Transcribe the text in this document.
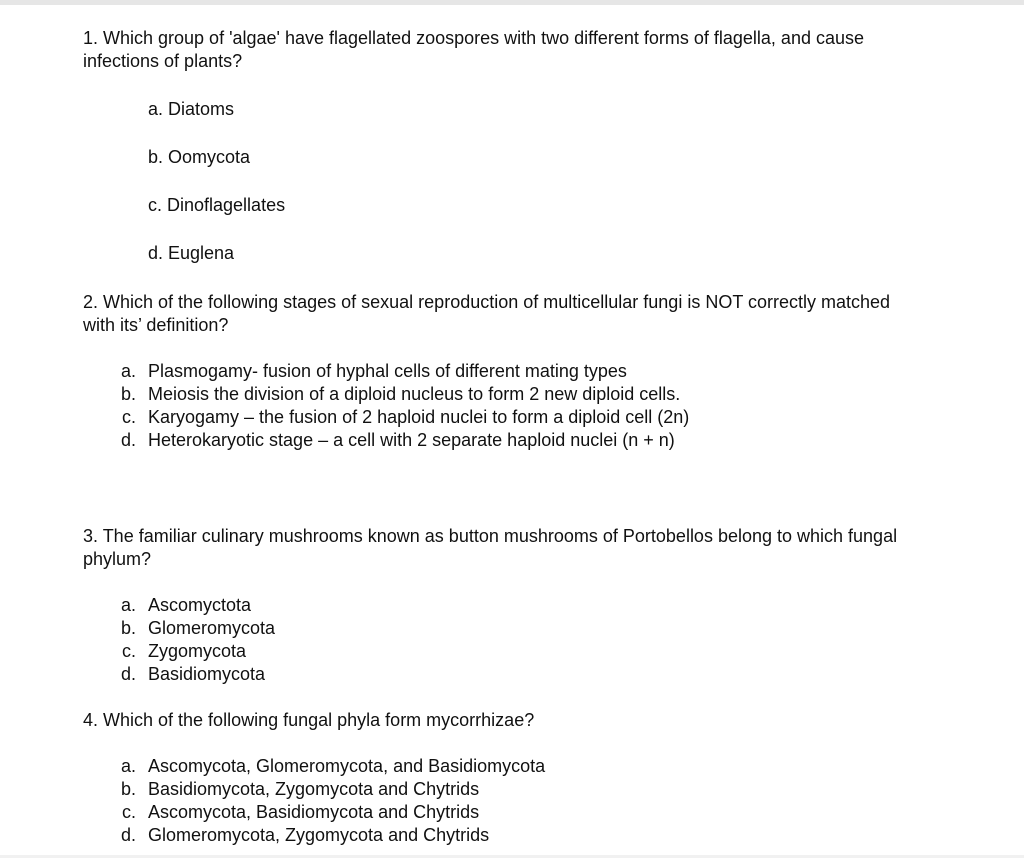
1. Which group of 'algae' have flagellated zoospores with two different forms of flagella, and cause infections of plants?

a. Diatoms
b. Oomycota
c. Dinoflagellates
d. Euglena

2. Which of the following stages of sexual reproduction of multicellular fungi is NOT correctly matched with its’ definition?

a. Plasmogamy- fusion of hyphal cells of different mating types
b. Meiosis the division of a diploid nucleus to form 2 new diploid cells.
c. Karyogamy – the fusion of 2 haploid nuclei to form a diploid cell (2n)
d. Heterokaryotic stage – a cell with 2 separate haploid nuclei (n + n)

3. The familiar culinary mushrooms known as button mushrooms of Portobellos belong to which fungal phylum?

a. Ascomyctota
b. Glomeromycota
c. Zygomycota
d. Basidiomycota

4. Which of the following fungal phyla form mycorrhizae?

a. Ascomycota, Glomeromycota, and Basidiomycota
b. Basidiomycota, Zygomycota and Chytrids
c. Ascomycota, Basidiomycota and Chytrids
d. Glomeromycota, Zygomycota and Chytrids
